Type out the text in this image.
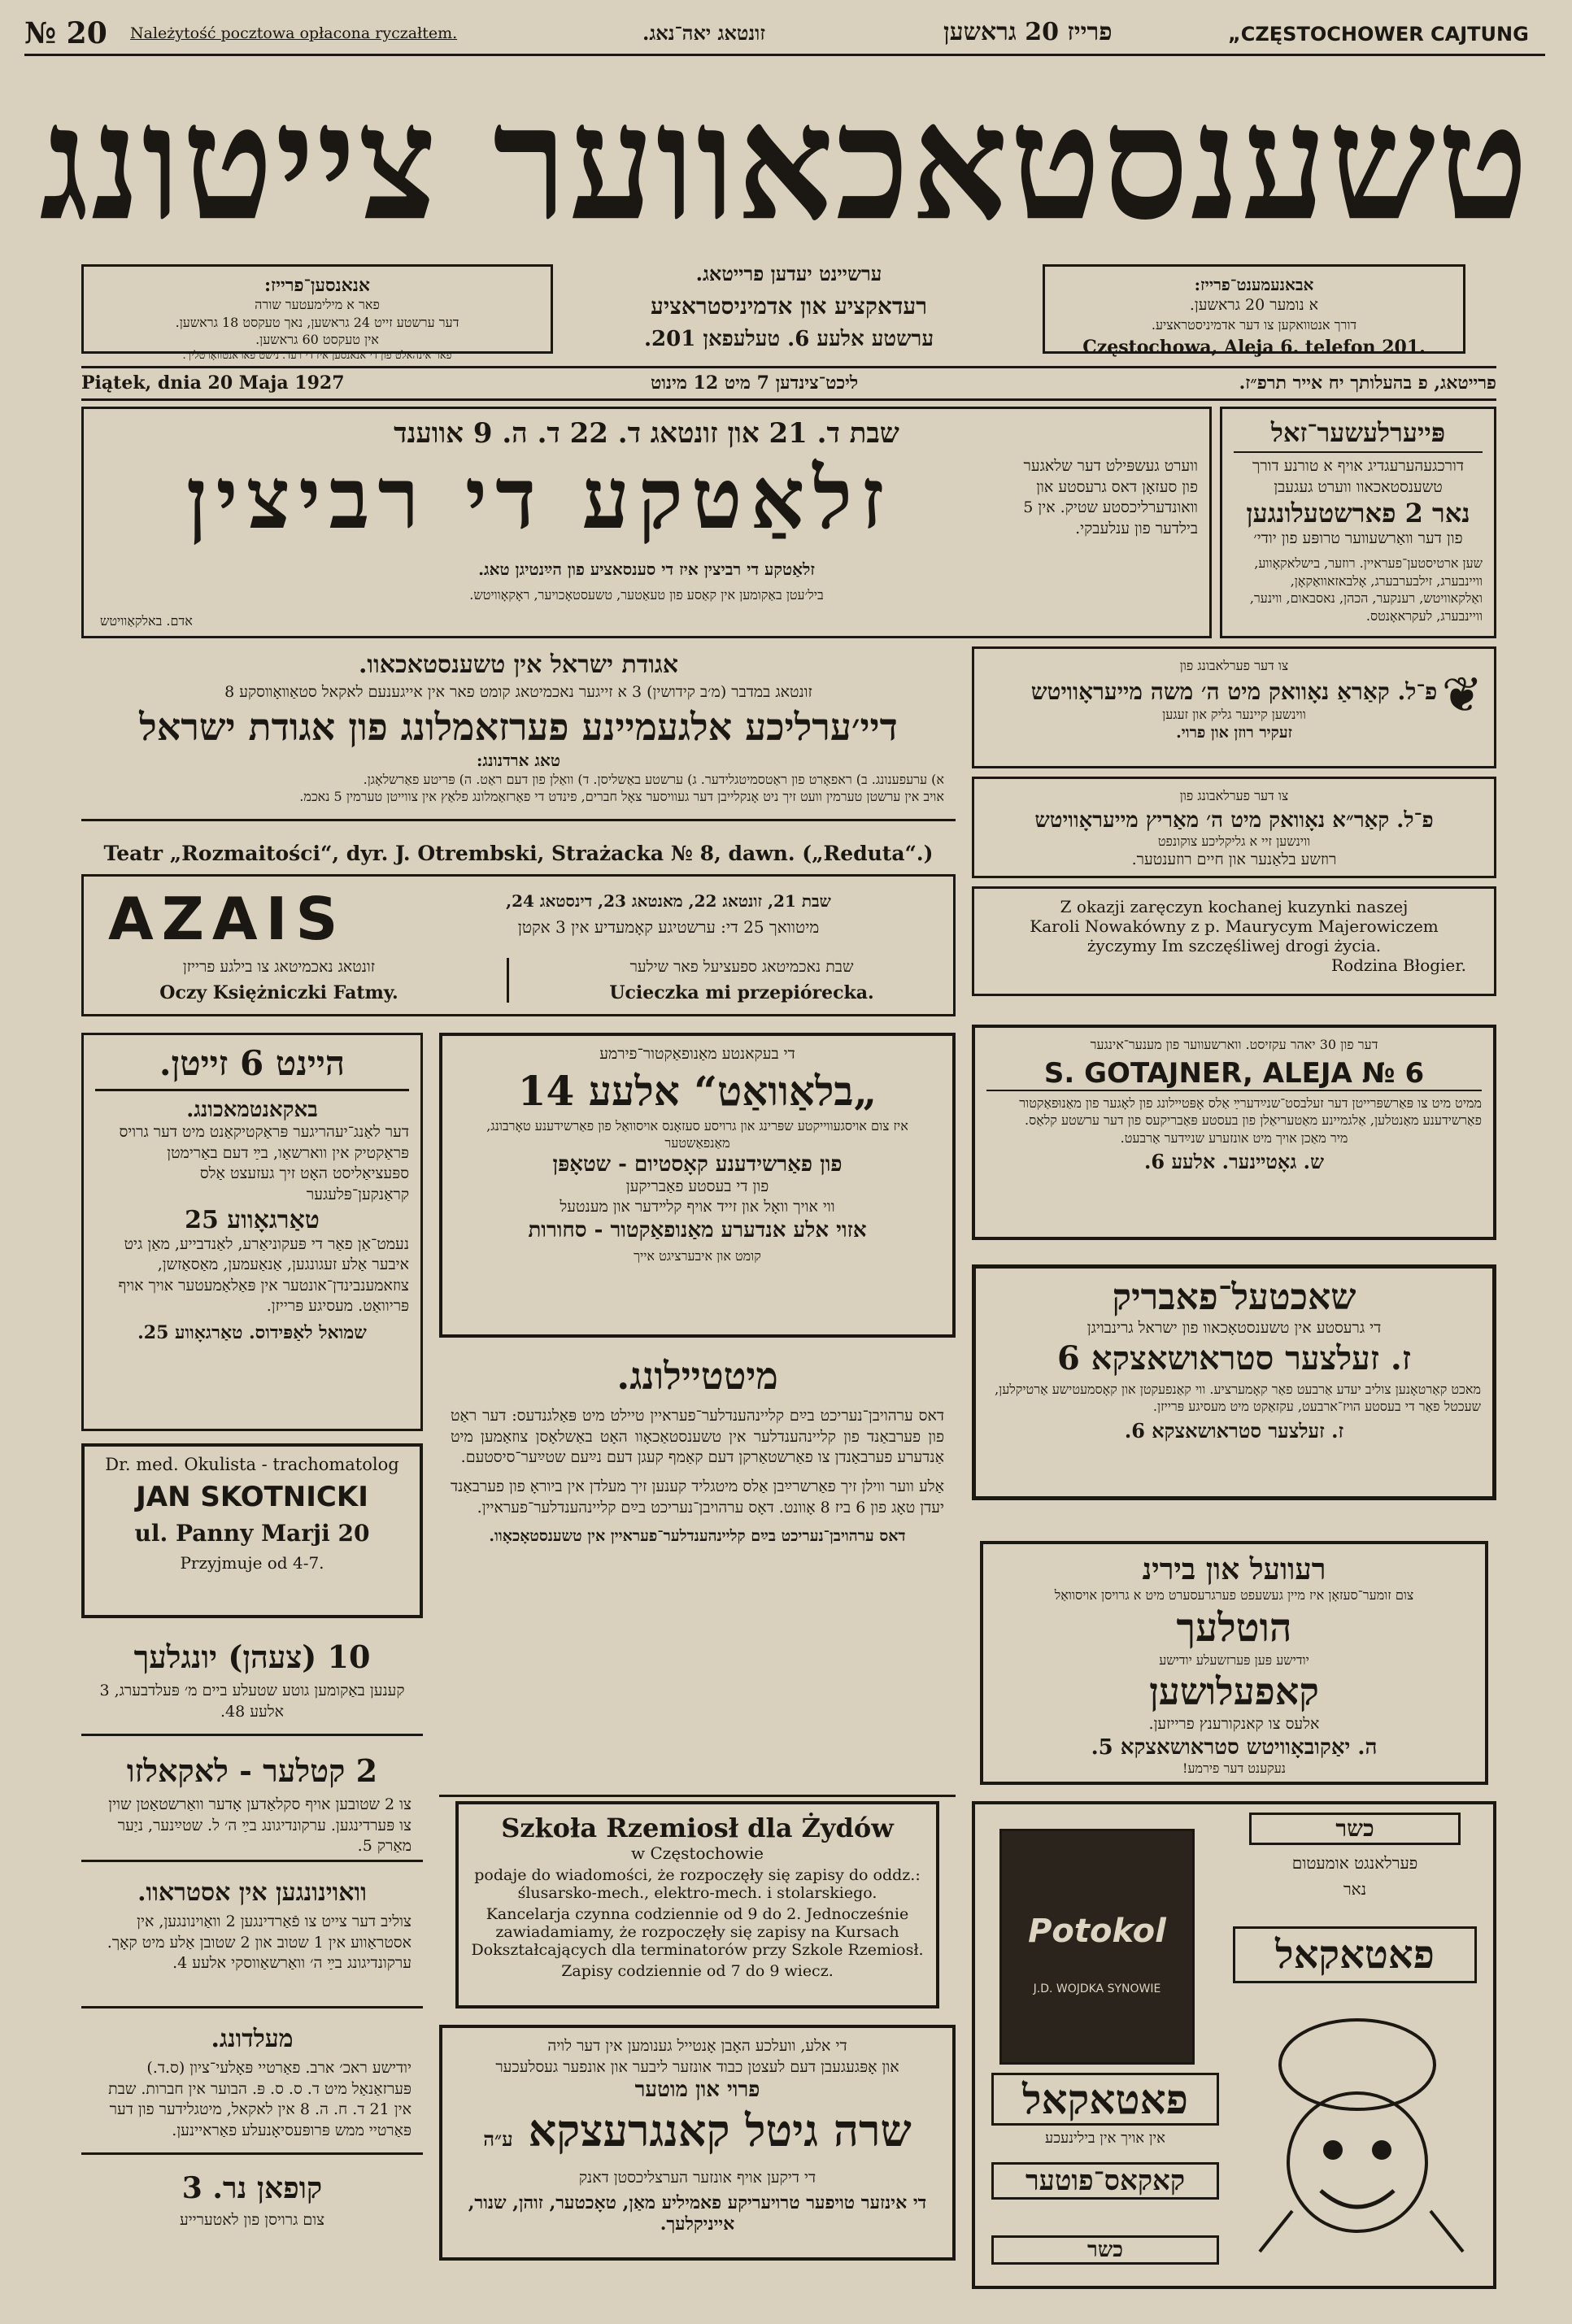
№ 20 Należytość pocztowa opłacona ryczałtem.	זונטאג יאה־נאג.	פרייז 20 גראשען	„CZĘSTOCHOWER CAJTUNG
טשענסטאכאווער צייטונג
אבאנעמענט־פרייז:
א נומער 20 גראשען.
דורך אנטוואקען צו דער אדמיניסטראציע.
Częstochowa, Aleja 6. telefon 201.
ערשיינט יעדען פרייטאג.
רעדאקציע און אדמיניסטראציע
ערשטע אלעע 6. טעלעפאן 201.
אנאנסען־פרייז:
פאר א מילימעטער שורה
דער ערשטע זייט 24 גראשען, נאך טעקסט 18 גראשען.
אין טעקסט 60 גראשען.
פאר אינהאלט פון די אנאנסען איז די רעד. נישט פאראנטוואָרטליך.
Piątek, dnia 20 Maja 1927	ליכט־צינדען 7 מיט 12 מינוט	פרייטאג, פ בהעלותך יח אייר תרפ״ז.
פּייערלעשער־זאל
דורכגעהערעגדיג אויף א טורנע דורך טשענסטאכאוו ווערט געגעבן
נאר 2 פארשטעלונגען
פון דער װאַרשעװער טרופּע פון יודי׳
שען ארטיסטען־פעראיין. רוזער, בישלאקאָווע, וויינבערג, זילבערבערג, אָלבאזאוואַקאָן, ואַלקאוויטש, רענקער, הכהן, נאסבאום, ווינער, וויינבערג, לעקראאָנטס.
שבת ד. 21 און זונטאג ד. 22 ד. ה. 9 אווענד
זלאַטקע די רביצין	ווערט געשפּילט דער שלאגער פון סעזאָן דאס גרעסטע און װאונדערליכסטע שטיק. אין 5 בילדער פון ענלעבקי.
זלאַטקע די רביצין איז די סענסאציע פון הײַנטיגן טאג.
ביל׳עטן באַקומען אין קאַסע פון טעאַטער, טשעסטאָכויער, ראָקאָוויטש.
אדם. באלקאַוויטש
אגודת ישראל אין טשענסטאכאוו.
זונטאג במדבר (מ׳ב קידושין) 3 א זייגער נאכמיטאג קומט פאר אין אייגענעם לאקאל סטאַװאָװסקע 8
דיי׳ערליכע אלגעמיינע פערזאמלונג פון אגודת ישראל
טאג ארדנונג:
א) ערעפענונג. ב) ראפאָרט פון ראַטסמיטגלידער. ג) ערשטע באַשליסן. ד) וואַלן פון דעם ראַט. ה) פּריטע פאַרשלאָגן.
אויב אין ערשטן טערמין וועט זיך ניט אָנקלייבן דער געוויסער צאָל חברים, פינדט די פאַרזאַמלונג פלאַץ אין צווייטן טערמין 5 נאכמ.
צו דער פערלאבונג פון
פ־ל. קאַראַ נאָוואק מיט ה׳ משה מייעראָוויטש
ווינשען קיינער גליק און זעגען
זעקיר רוזן און פרוי.
❦
צו דער פערלאבונג פון
פ־ל. קאַר״א נאָוואק מיט ה׳ מאַריץ מייעראָוויטש
ווינשען זיי א גליקליכע צוקונפט
רוזשע בלאַנער און חיים רוזענטער.
Teatr „Rozmaitości“, dyr. J. Otrembski, Strażacka № 8, dawn. („Reduta“.)
AZAIS	שבת 21, זונטאג 22, מאנטאג 23, דינסטאג 24,
מיטוואך 25 די: ערשטיגע קאָמעדיע אין 3 אקטן
זונטאג נאכמיטאג צו בילגע פרייזן
Oczy Księżniczki Fatmy.
שבת נאכמיטאג ספעציעל פאר שילער
Ucieczka mi przepiórecka.
Z okazji zaręczyn kochanej kuzynki naszej
Karoli Nowakówny z p. Maurycym Majerowiczem
życzymy Im szczęśliwej drogi życia.
Rodzina Błogier.
היינט 6 זייטן.
באקאנטמאכונג.
דער לאַנג־יעהריגער פּראַקטיקאַנט מיט דער גרויס פּראַקטיק אין ווארשאַו, בײַ דעם באַרימטן ספּעציאַליסט האָט זיך געזעצט אַלס קראַנקען־פּלעגער
טאַרגאָווע 25
נעמט־אַן פאַר די פּעקוניאַרע, לאַנדבייע, מאַן גיט איבער אַלע זעגונגען, אַנאַעמען, מאַסאַזשן, צוזאמענבינדן־אונטער אין פּאַלאַמעטער אויך אויף פּריוואַט. מעסיגע פּרייזן.
שמואל לאַפּידוס. טאַרגאָווע 25.
Dr. med. Okulista - trachomatolog
JAN SKOTNICKI
ul. Panny Marji 20
Przyjmuje od 4-7.
10 (צעהן) יונגלעך
קענען באַקומען גוטע שטעלע ביים מ׳ פּעלדבערג, 3 אלעע 48.
2 קטלער - לאקאלזו
צו 2 שטובען אויף סקלאַדען אָדער וואַרשטאַטן שוין צו פּערדינגען. ערקונדיגונג בײַ ה׳ ל. שטײַנער, ניַער מאַרק 5.
וואוינונגען אין אסטראוו.
צוליב דער צייט צו פֿאַרדינגען 2 וואַוינונגען, אין אסטראַווע אין 1 שטוב און 2 שטובן אַלע מיט קאָך. ערקונדיגונג בײַ ה׳ וואַרשאַווסקי אלעע 4.
מעלדונג.
יודישע ראכ׳ ארב. פאַרטיי פּאָלעי־ציון (ס.ד.) פּערזאַנאַל מיט ד. ס. ס. פּ. הבוער אין חברות. שבת אין 21 ד. ח. ה. 8 אין לאקאל, מיטגלידער פון דער פּאַרטיי ממש פּרופּעסיאָנעלע פאַראיינען.
קופאן נר. 3
צום גרויסן פון לאטערייע
די בעקאנטע מאַנופאַקטור־פירמע
„בלאַוואַט“ אלעע 14
איז צום אויסגעווייקטע שפּרינג און גרויסע סעזאָנס אויסוואַל פון פאַרשידענע טאָרבונג, מאַנפאַשטער
פון פאַרשידענע קאָסטיום - שטאָפּן
פון די בעסטע פאַבריקען
ווי אויך וואָל און זייד אויף קלײדער און מענטעל
אזוי אלע אנדערע מאַנופאַקטור - סחורות
קומט און איבערציגט אייך
מיטטיילונג.
דאס ערהויבן־נעריכט בײַם קליינהענדלער־פעראיין טיילט מיט פּאַלגנדעס: דער ראַט פון פערבאַנד פון קליינהענדלער אין טשענסטאַכאָוו האָט באַשלאָסן צוזאַמען מיט אַנדערע פערבאַנדן צו פאַרשטאַרקן דעם קאַמף קעגן דעם נײַעם שטײַער־סיסטעם.
אַלע ווער ווילן זיך פאַרשרײַבן אַלס מיטגליד קענען זיך מעלדן אין ביוראָ פון פערבאַנד יעדן טאָג פון 6 ביז 8 אָוונט. דאָס ערהויבן־נעריכט בײַם קליינהענדלער־פעראיין.
דאס ערהויבן־נעריכט בײַם קליינהענדלער־פעראיין אין טשענסטאָכאָוו.
Szkoła Rzemiosł dla Żydów
w Częstochowie
podaje do wiadomości, że rozpoczęły się zapisy do oddz.: ślusarsko-mech., elektro-mech. i stolarskiego.
Kancelarja czynna codziennie od 9 do 2. Jednocześnie zawiadamiamy, że rozpoczęły się zapisy na Kursach Dokształcających dla terminatorów przy Szkole Rzemiosł.
Zapisy codziennie od 7 do 9 wiecz.
די אלע, וועלכע האָבן אָנטייל גענומען אין דער לויה
און אָפּגעגעבן דעם לעצטן כבוד אונזער ליבער און אונפער געסלעכער
פרוי און מוטער
שרה גיטל קאנגרעצקא ע״ה
די דיקען אויף אונזער הערצליכסטן דאנק
די אינזער טויפער טרויעריקע פאמיליע מאַן, טאָכטער, זוהן, שנור, אייניקלעך.
דער פון 30 יאהר עקזיסט. ווארשעווער פון מענער־אינגער
S. GOTAJNER, ALEJA № 6
ממיט מיט צו פּאַרשפּרייטן דער זעלבסט־שנײַדערײַ אַלס אָפּטיילונג פון לאָגער פון מאַנוּפאַקטור פאַרשידענע מאַנטלען, אַלגמיינע מאַטעריאַלן פון בעסטע פּאַבריקעס פון דער ערשטע קלאַס.
מיר מאַכן אויך מיט אונזערע שנײַדער אַרבעט.
ש. גאָטײנער. אלעע 6.
שאכטעל־פאבריק
די גרעסטע אין טשענסטאָכאוו פון ישראל גרינבויגן
ז. זעלצער סטראושאצקא 6
מאכט קאַרטאָנען צוליב יעדע אַרבעט פאַר קאָמערציע. ווי קאַנפעקטן און קאָסמעטישע אַרטיקלען, שעכטל פאַר די בעסטע הויז־ארבעט, עקזאַקט מיט מעסיגע פּרייזן.
ז. זעלצער סטראושאצקא 6.
רעוועל און בירינ
צום זומער־סעזאָן איז מיין געשעפט פערגרעסערט מיט א גרויסן אויסוואַל
הוטלעך
יודישע פּען פּערזשעלע יודישע
קאפעלושען
אלעס צו קאנקורענץ פרייזען.
ה. יאַקובאָוויטש סטראושאצקא 5.
נעקענט דער פירמע!
כשר
פערלאנגט אומעטום
נאר
פאטאקאל
Potokol
J.D. WOJDKA SYNOWIE
פאטאקאל
אין אויך אין בילינעכע
קאקאס־פוטער
כשר
